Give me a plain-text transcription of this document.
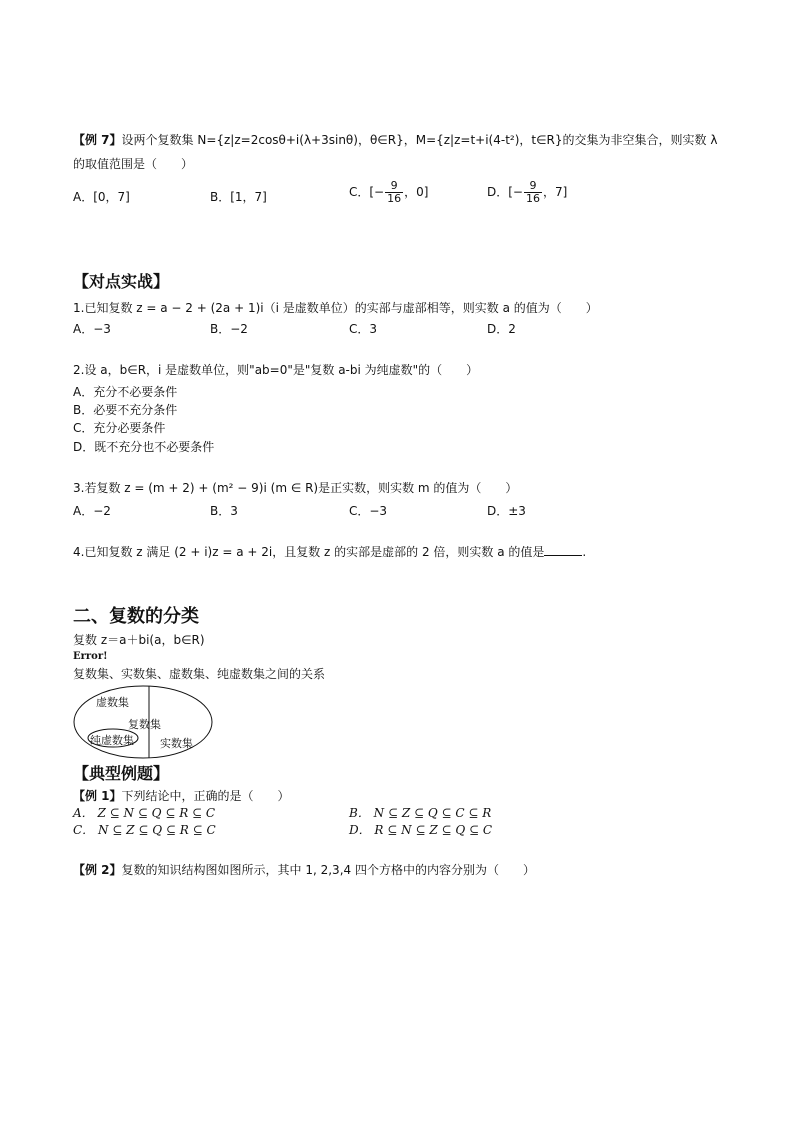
【例 7】设两个复数集 N={z|z=2cosθ+i(λ+3sinθ)，θ∈R}，M={z|z=t+i(4-t²)，t∈R}的交集为非空集合，则实数 λ
的取值范围是（　　）
A．[0，7]	B．[1，7]	C．[− $\frac{9}{16}$ ，0]	D．[− $\frac{9}{16}$ ，7]
【对点实战】
1.已知复数 z = a − 2 + (2a + 1)i（i 是虚数单位）的实部与虚部相等，则实数 a 的值为（　　）
A．−3	B．−2	C．3	D．2
2.设 a，b∈R，i 是虚数单位，则"ab=0"是"复数 a-bi 为纯虚数"的（　　）
A．充分不必要条件
B．必要不充分条件
C．充分必要条件
D．既不充分也不必要条件
3.若复数 z = (m + 2) + (m² − 9)i (m ∈ R)是正实数，则实数 m 的值为（　　）
A．−2	B．3	C．−3	D．±3
4.已知复数 z 满足 (2 + i)z = a + 2i，且复数 z 的实部是虚部的 2 倍，则实数 a 的值是	.
二、复数的分类
复数 z＝a＋bi(a，b∈R)
Error!
复数集、实数集、虚数集、纯虚数集之间的关系
虚数集
复数集
纯虚数集 实数集
【典型例题】
【例 1】下列结论中，正确的是（　　）
A． Z ⊆ N ⊆ Q ⊆ R ⊆ C	B． N ⊆ Z ⊆ Q ⊆ C ⊆ R
C． N ⊆ Z ⊆ Q ⊆ R ⊆ C	D． R ⊆ N ⊆ Z ⊆ Q ⊆ C
【例 2】复数的知识结构图如图所示，其中 1, 2,3,4 四个方格中的内容分别为（　　）
